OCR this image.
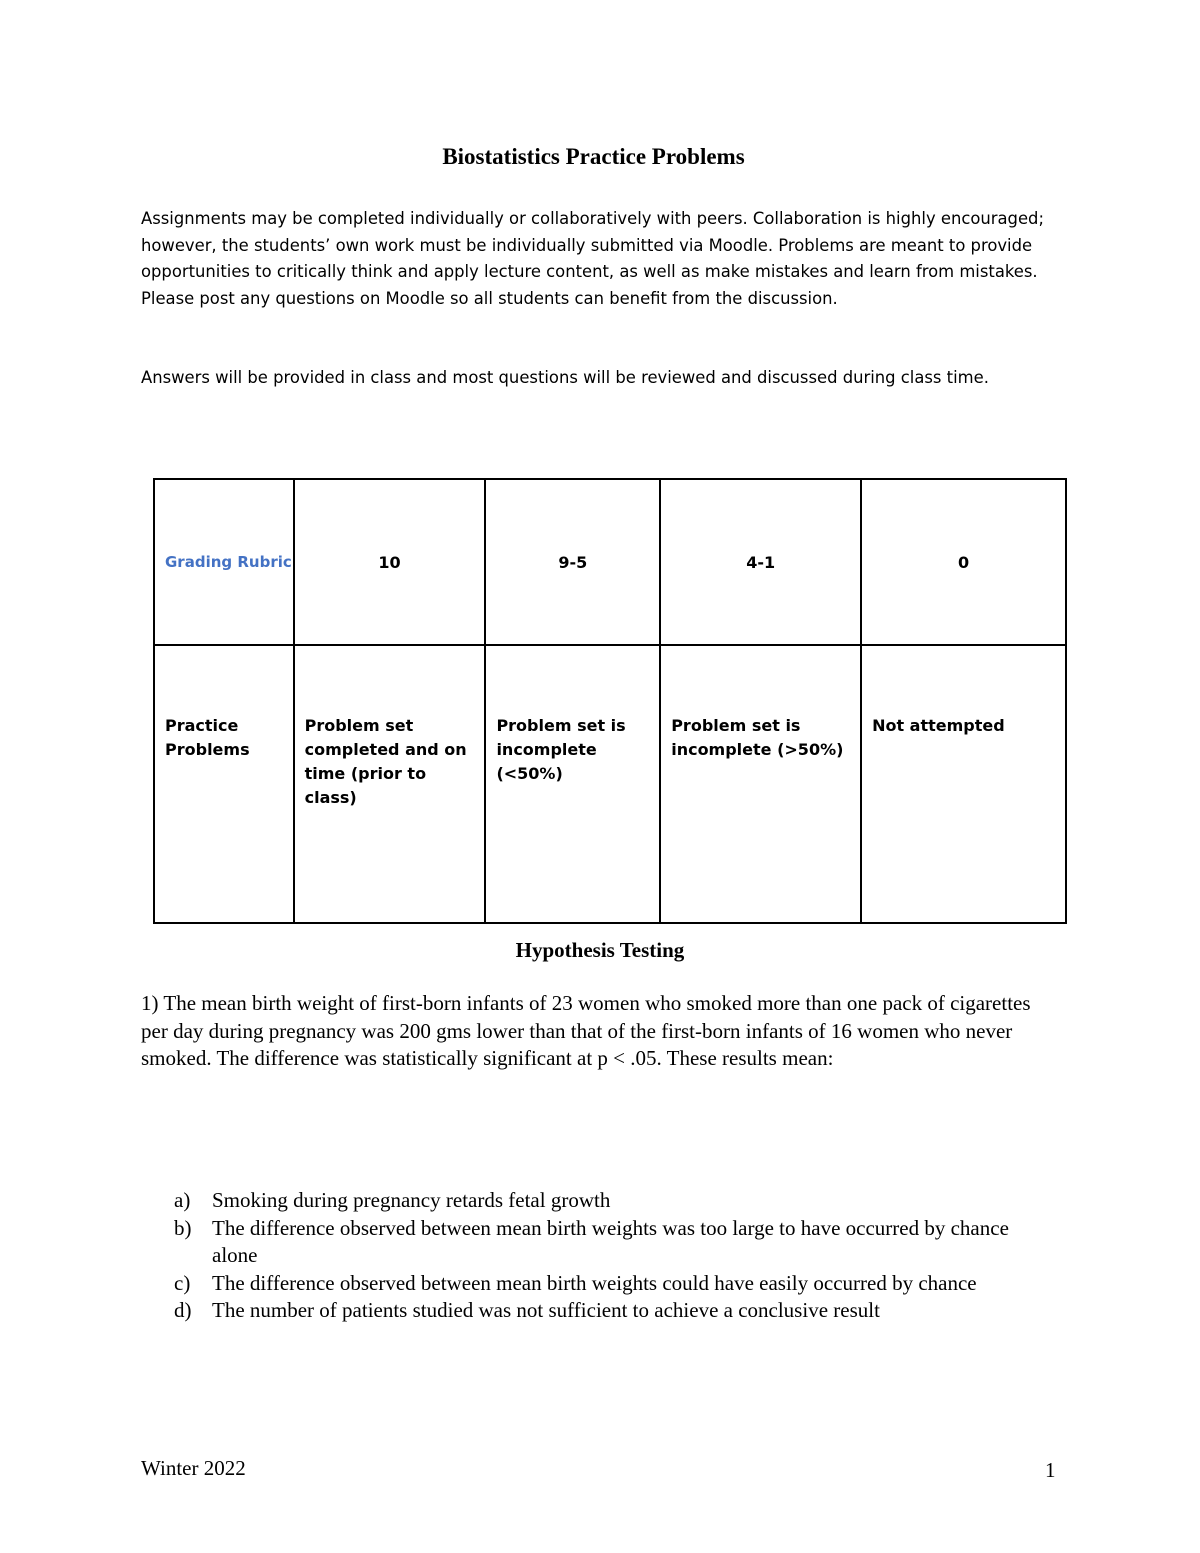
Biostatistics Practice Problems

Assignments may be completed individually or collaboratively with peers. Collaboration is highly encouraged; however, the students’ own work must be individually submitted via Moodle. Problems are meant to provide opportunities to critically think and apply lecture content, as well as make mistakes and learn from mistakes. Please post any questions on Moodle so all students can benefit from the discussion.

Answers will be provided in class and most questions will be reviewed and discussed during class time.

Grading Rubric	10	9-5	4-1	0
Practice Problems	Problem set completed and on time (prior to class)	Problem set is incomplete (<50%)	Problem set is incomplete (>50%)	Not attempted
Hypothesis Testing

1) The mean birth weight of first-born infants of 23 women who smoked more than one pack of cigarettes per day during pregnancy was 200 gms lower than that of the first-born infants of 16 women who never smoked. The difference was statistically significant at p < .05. These results mean:

a)	Smoking during pregnancy retards fetal growth
b) The difference observed between mean birth weights was too large to have occurred by chance alone
c)	The difference observed between mean birth weights could have easily occurred by chance
d) The number of patients studied was not sufficient to achieve a conclusive result

Winter 2022	1
